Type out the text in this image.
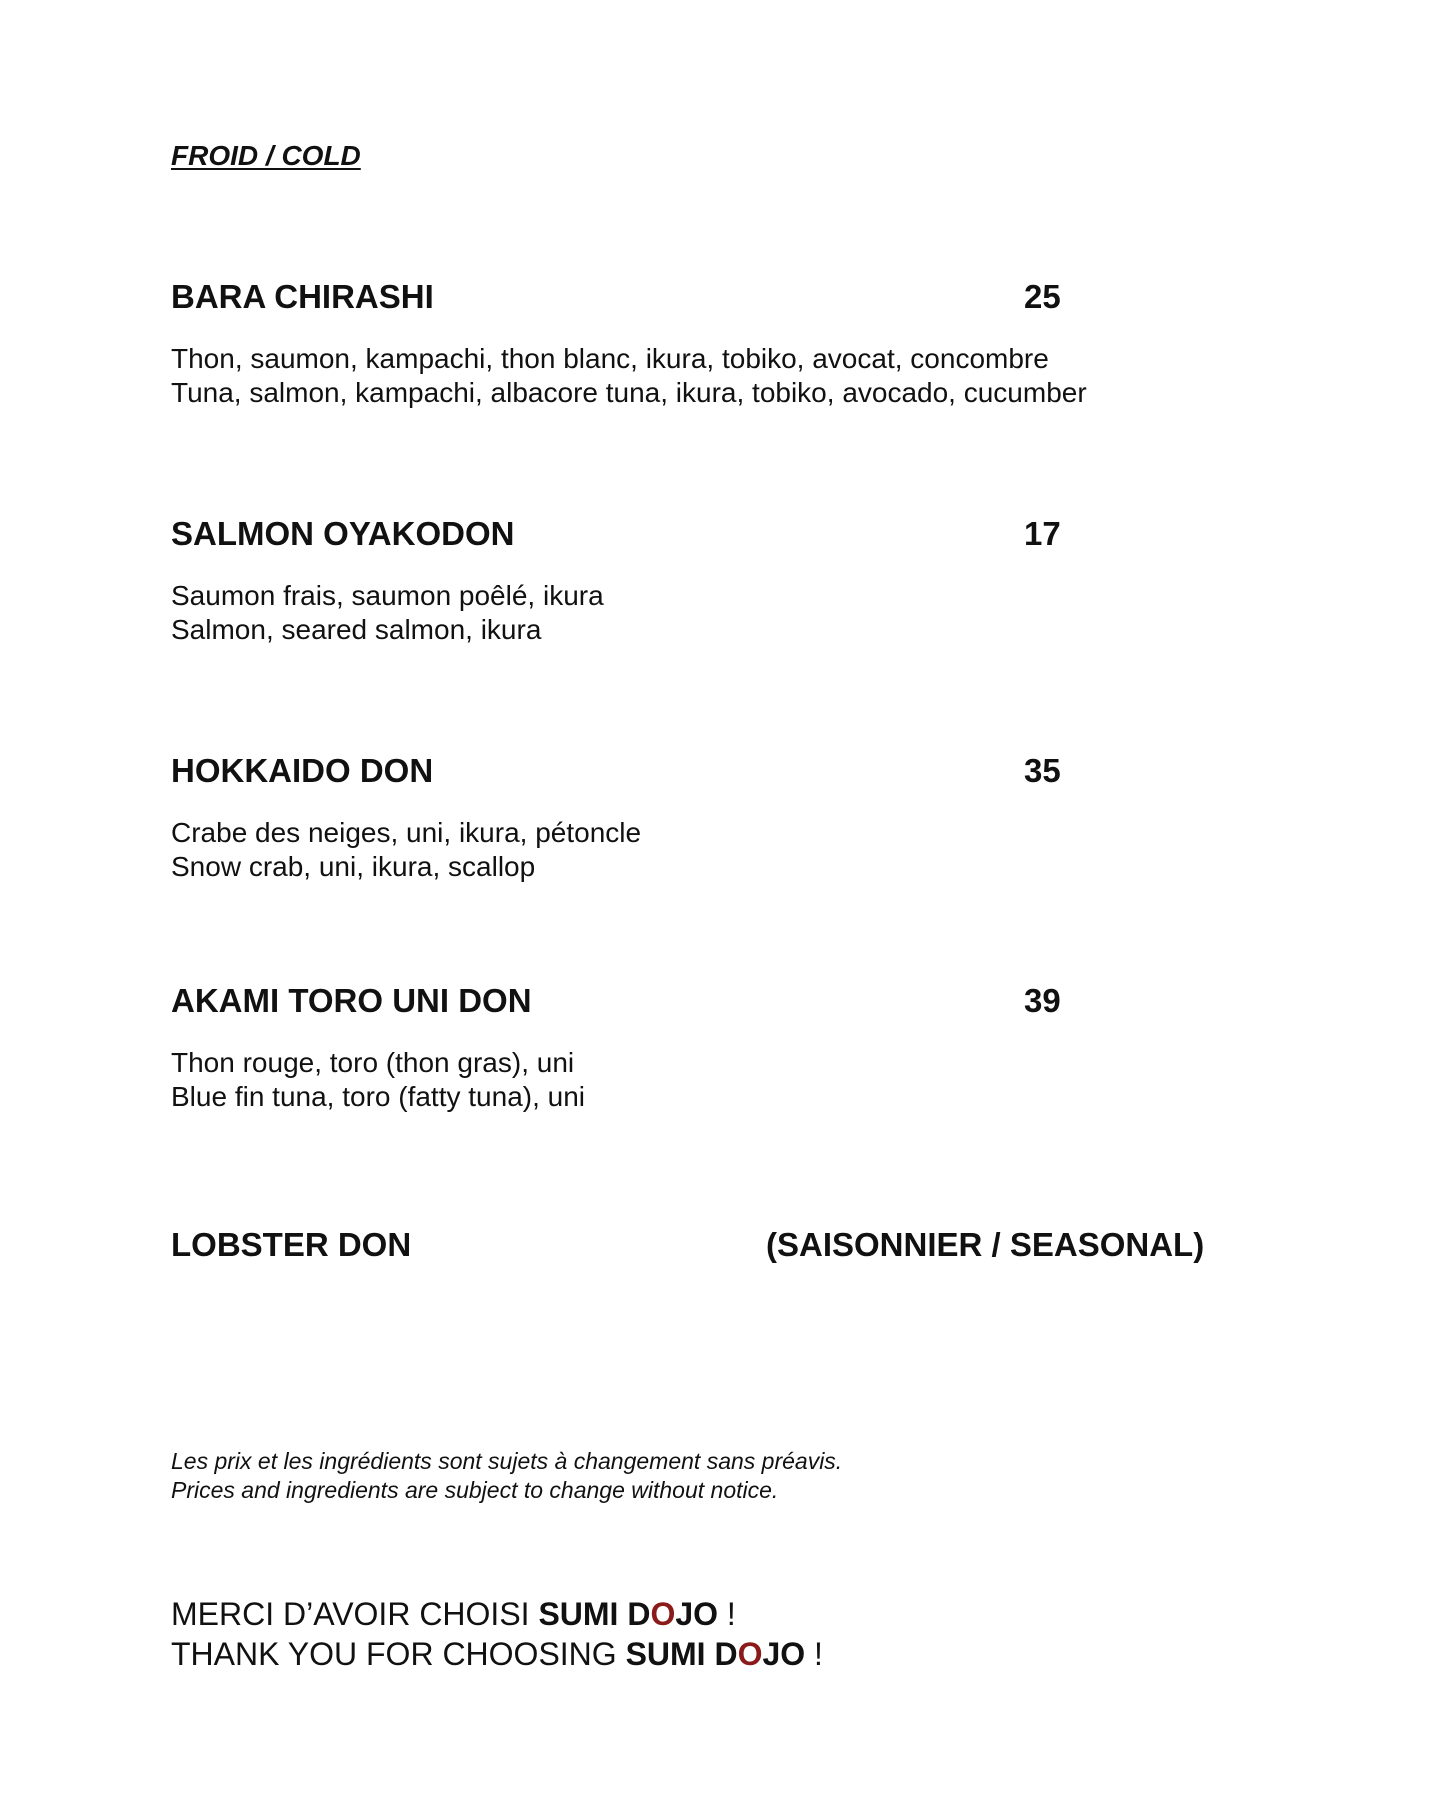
FROID / COLD
BARA CHIRASHI	25
Thon, saumon, kampachi, thon blanc, ikura, tobiko, avocat, concombre
Tuna, salmon, kampachi, albacore tuna, ikura, tobiko, avocado, cucumber
SALMON OYAKODON	17
Saumon frais, saumon poêlé, ikura
Salmon, seared salmon, ikura
HOKKAIDO DON	35
Crabe des neiges, uni, ikura, pétoncle
Snow crab, uni, ikura, scallop
AKAMI TORO UNI DON	39
Thon rouge, toro (thon gras), uni
Blue fin tuna, toro (fatty tuna), uni
LOBSTER DON	(SAISONNIER / SEASONAL)
Les prix et les ingrédients sont sujets à changement sans préavis.
Prices and ingredients are subject to change without notice.
MERCI D’AVOIR CHOISI SUMI DOJO !
THANK YOU FOR CHOOSING SUMI DOJO !
